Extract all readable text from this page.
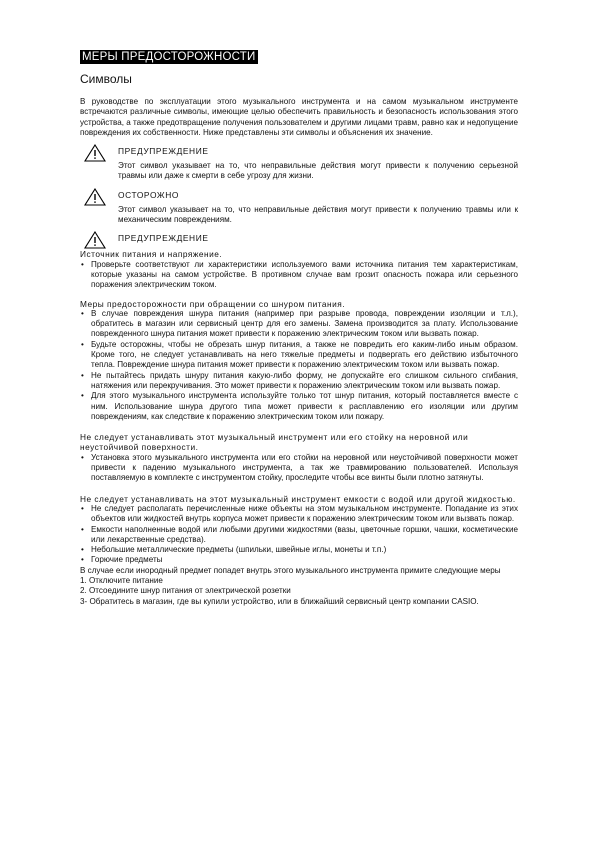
МЕРЫ ПРЕДОСТОРОЖНОСТИ
Символы
В руководстве по эксплуатации этого музыкального инструмента и на самом музыкальном инструменте встречаются различные символы, имеющие целью обеспечить правильность и безопасность использования этого устройства, а также предотвращение получения пользователем и другими лицами травм, равно как и недопущение повреждения их собственности. Ниже представлены эти символы и объяснения их значение.
ПРЕДУПРЕЖДЕНИЕ
Этот символ указывает на то, что неправильные действия могут привести к получению серьезной травмы или даже к смерти в себе угрозу для жизни.
ОСТОРОЖНО
Этот символ указывает на то, что неправильные действия могут привести к получению травмы или к механическим повреждениям.
ПРЕДУПРЕЖДЕНИЕ
Источник питания и напряжение.
• Проверьте соответствуют ли характеристики используемого вами источника питания тем характеристикам, которые указаны на самом устройстве. В противном случае вам грозит опасность пожара или серьезного поражения электрическим током.
Меры предосторожности при обращении со шнуром питания.
• В случае повреждения шнура питания (например при разрыве провода, повреждении изоляции и т.л.), обратитесь в магазин или сервисный центр для его замены. Замена производится за плату. Использование поврежденного шнура питания может привести к поражению электрическим током или вызвать пожар.
• Будьте осторожны, чтобы не обрезать шнур питания, а также не повредить его каким-либо иным образом. Кроме того, не следует устанавливать на него тяжелые предметы и подвергать его действию избыточного тепла. Повреждение шнура питания может привести к поражению электрическим током или вызвать пожар.
• Не пытайтесь придать шнуру питания какую-либо форму, не допускайте его слишком сильного сгибания, натяжения или перекручивания. Это может привести к поражению электрическим током или вызвать пожар.
• Для этого музыкального инструмента используйте только тот шнур питания, который поставляется вместе с ним. Использование шнура другого типа может привести к расплавлению его изоляции или другим повреждениям, как следствие к поражению электрическим током или пожару.
Не следует устанавливать этот музыкальный инструмент или его стойку на неровной или неустойчивой поверхности.
• Установка этого музыкального инструмента или его стойки на неровной или неустойчивой поверхности может привести к падению музыкального инструмента, а так же травмированию пользователей. Используя поставляемую в комплекте с инструментом стойку, проследите чтобы все винты были плотно затянуты.
Не следует устанавливать на этот музыкальный инструмент емкости с водой или другой жидкостью.
• Не следует располагать перечисленные ниже объекты на этом музыкальном инструменте. Попадание из этих объектов или жидкостей внутрь корпуса может привести к поражению электрическим током или вызвать пожар.
• Емкости наполненные водой или любыми другими жидкостями (вазы, цветочные горшки, чашки, косметические или лекарственные средства).
• Небольшие металлические предметы (шпильки, швейные иглы, монеты и т.п.)
• Горючие предметы
В случае если инородный предмет попадет внутрь этого музыкального инструмента примите следующие меры
1. Отключите питание
2. Отсоедините шнур питания от электрической розетки
3- Обратитесь в магазин, где вы купили устройство, или в ближайший сервисный центр компании CASIO.
